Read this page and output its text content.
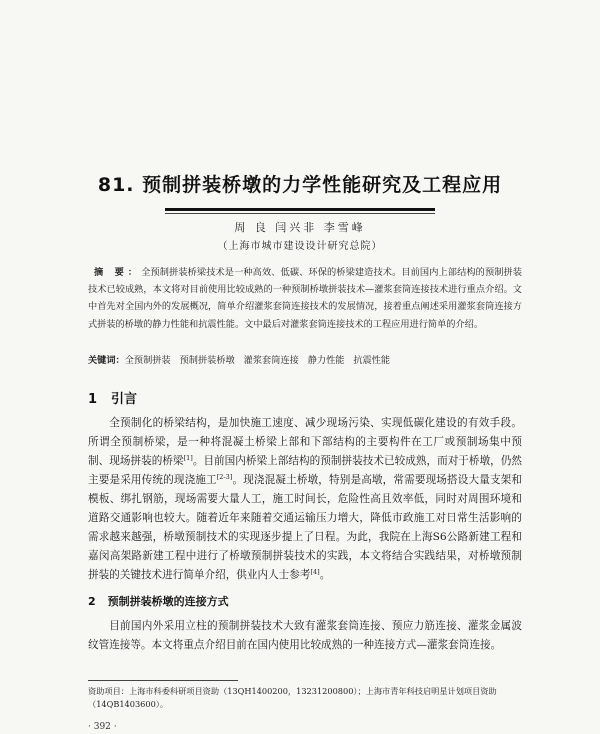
81. 预制拼装桥墩的力学性能研究及工程应用
周 良 闫兴非 李雪峰
（上海市城市建设设计研究总院）
摘 要：全预制拼装桥梁技术是一种高效、低碳、环保的桥梁建造技术。目前国内上部结构的预制拼装技术已较成熟，本文将对目前使用比较成熟的一种预制桥墩拼装技术—灌浆套筒连接技术进行重点介绍。文中首先对全国内外的发展概况，简单介绍灌浆套筒连接技术的发展情况，接着重点阐述采用灌浆套筒连接方式拼装的桥墩的静力性能和抗震性能。文中最后对灌浆套筒连接技术的工程应用进行简单的介绍。
关键词：全预制拼装 预制拼装桥墩 灌浆套筒连接 静力性能 抗震性能
1 引言
全预制化的桥梁结构，是加快施工速度、减少现场污染、实现低碳化建设的有效手段。所谓全预制桥梁，是一种将混凝土桥梁上部和下部结构的主要构件在工厂或预制场集中预制、现场拼装的桥梁[1]。目前国内桥梁上部结构的预制拼装技术已较成熟，而对于桥墩，仍然主要是采用传统的现浇施工[2-3]。现浇混凝土桥墩，特别是高墩，常需要现场搭设大量支架和模板、绑扎钢筋，现场需要大量人工，施工时间长，危险性高且效率低，同时对周围环境和道路交通影响也较大。随着近年来随着交通运输压力增大，降低市政施工对日常生活影响的需求越来越强，桥墩预制技术的实现逐步提上了日程。为此，我院在上海S6公路新建工程和嘉闵高架路新建工程中进行了桥墩预制拼装技术的实践，本文将结合实践结果，对桥墩预制拼装的关键技术进行简单介绍，供业内人士参考[4]。
2 预制拼装桥墩的连接方式
目前国内外采用立柱的预制拼装技术大致有灌浆套筒连接、预应力筋连接、灌浆金属波纹管连接等。本文将重点介绍目前在国内使用比较成熟的一种连接方式—灌浆套筒连接。
资助项目：上海市科委科研项目资助（13QH1400200，13231200800）；上海市青年科技启明星计划项目资助（14QB1403600）。
· 392 ·
